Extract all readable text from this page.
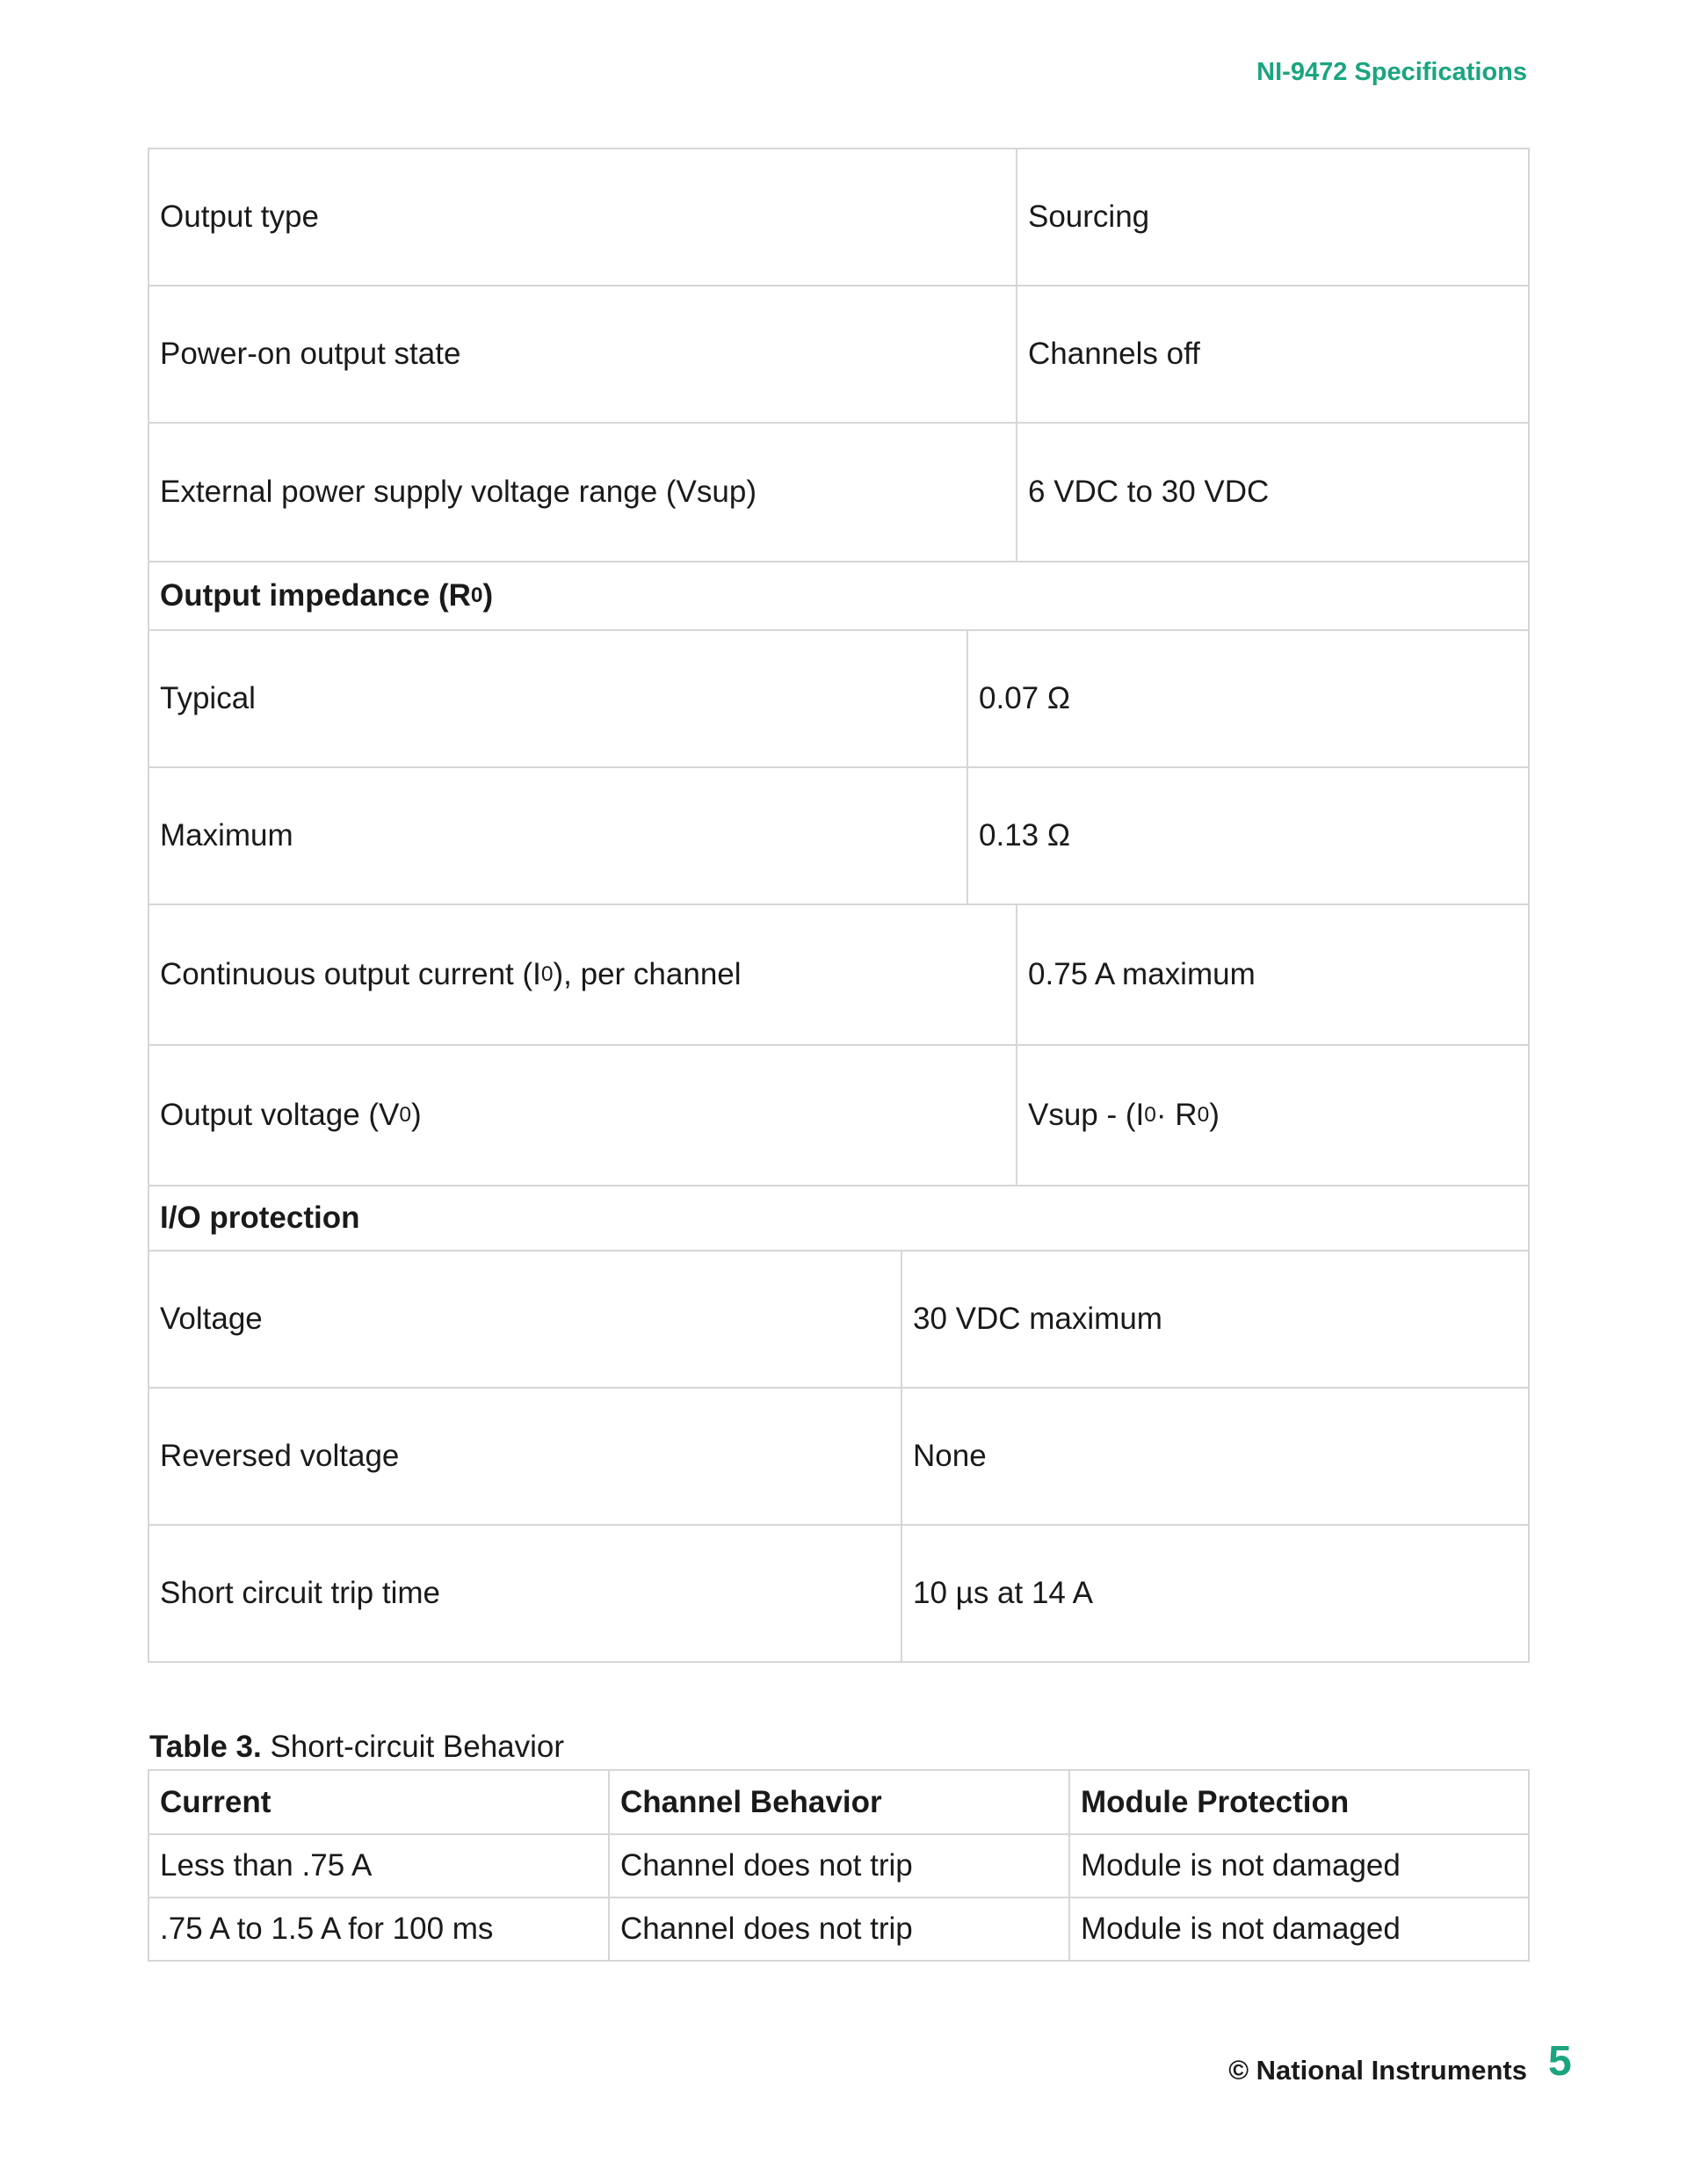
NI-9472 Specifications
Output type	Sourcing
Power-on output state	Channels off
External power supply voltage range (Vsup)	6 VDC to 30 VDC
Output impedance (R 0 )
Typical	0.07 Ω
Maximum	0.13 Ω
Continuous output current (I 0 ), per channel	0.75 A maximum
Output voltage (V 0 )	Vsup - (I 0 · R 0 )
I/O protection
Voltage	30 VDC maximum
Reversed voltage	None
Short circuit trip time	10 µs at 14 A
Table 3. Short-circuit Behavior
Current	Channel Behavior	Module Protection
Less than .75 A	Channel does not trip	Module is not damaged
.75 A to 1.5 A for 100 ms	Channel does not trip	Module is not damaged
© National Instruments 5
